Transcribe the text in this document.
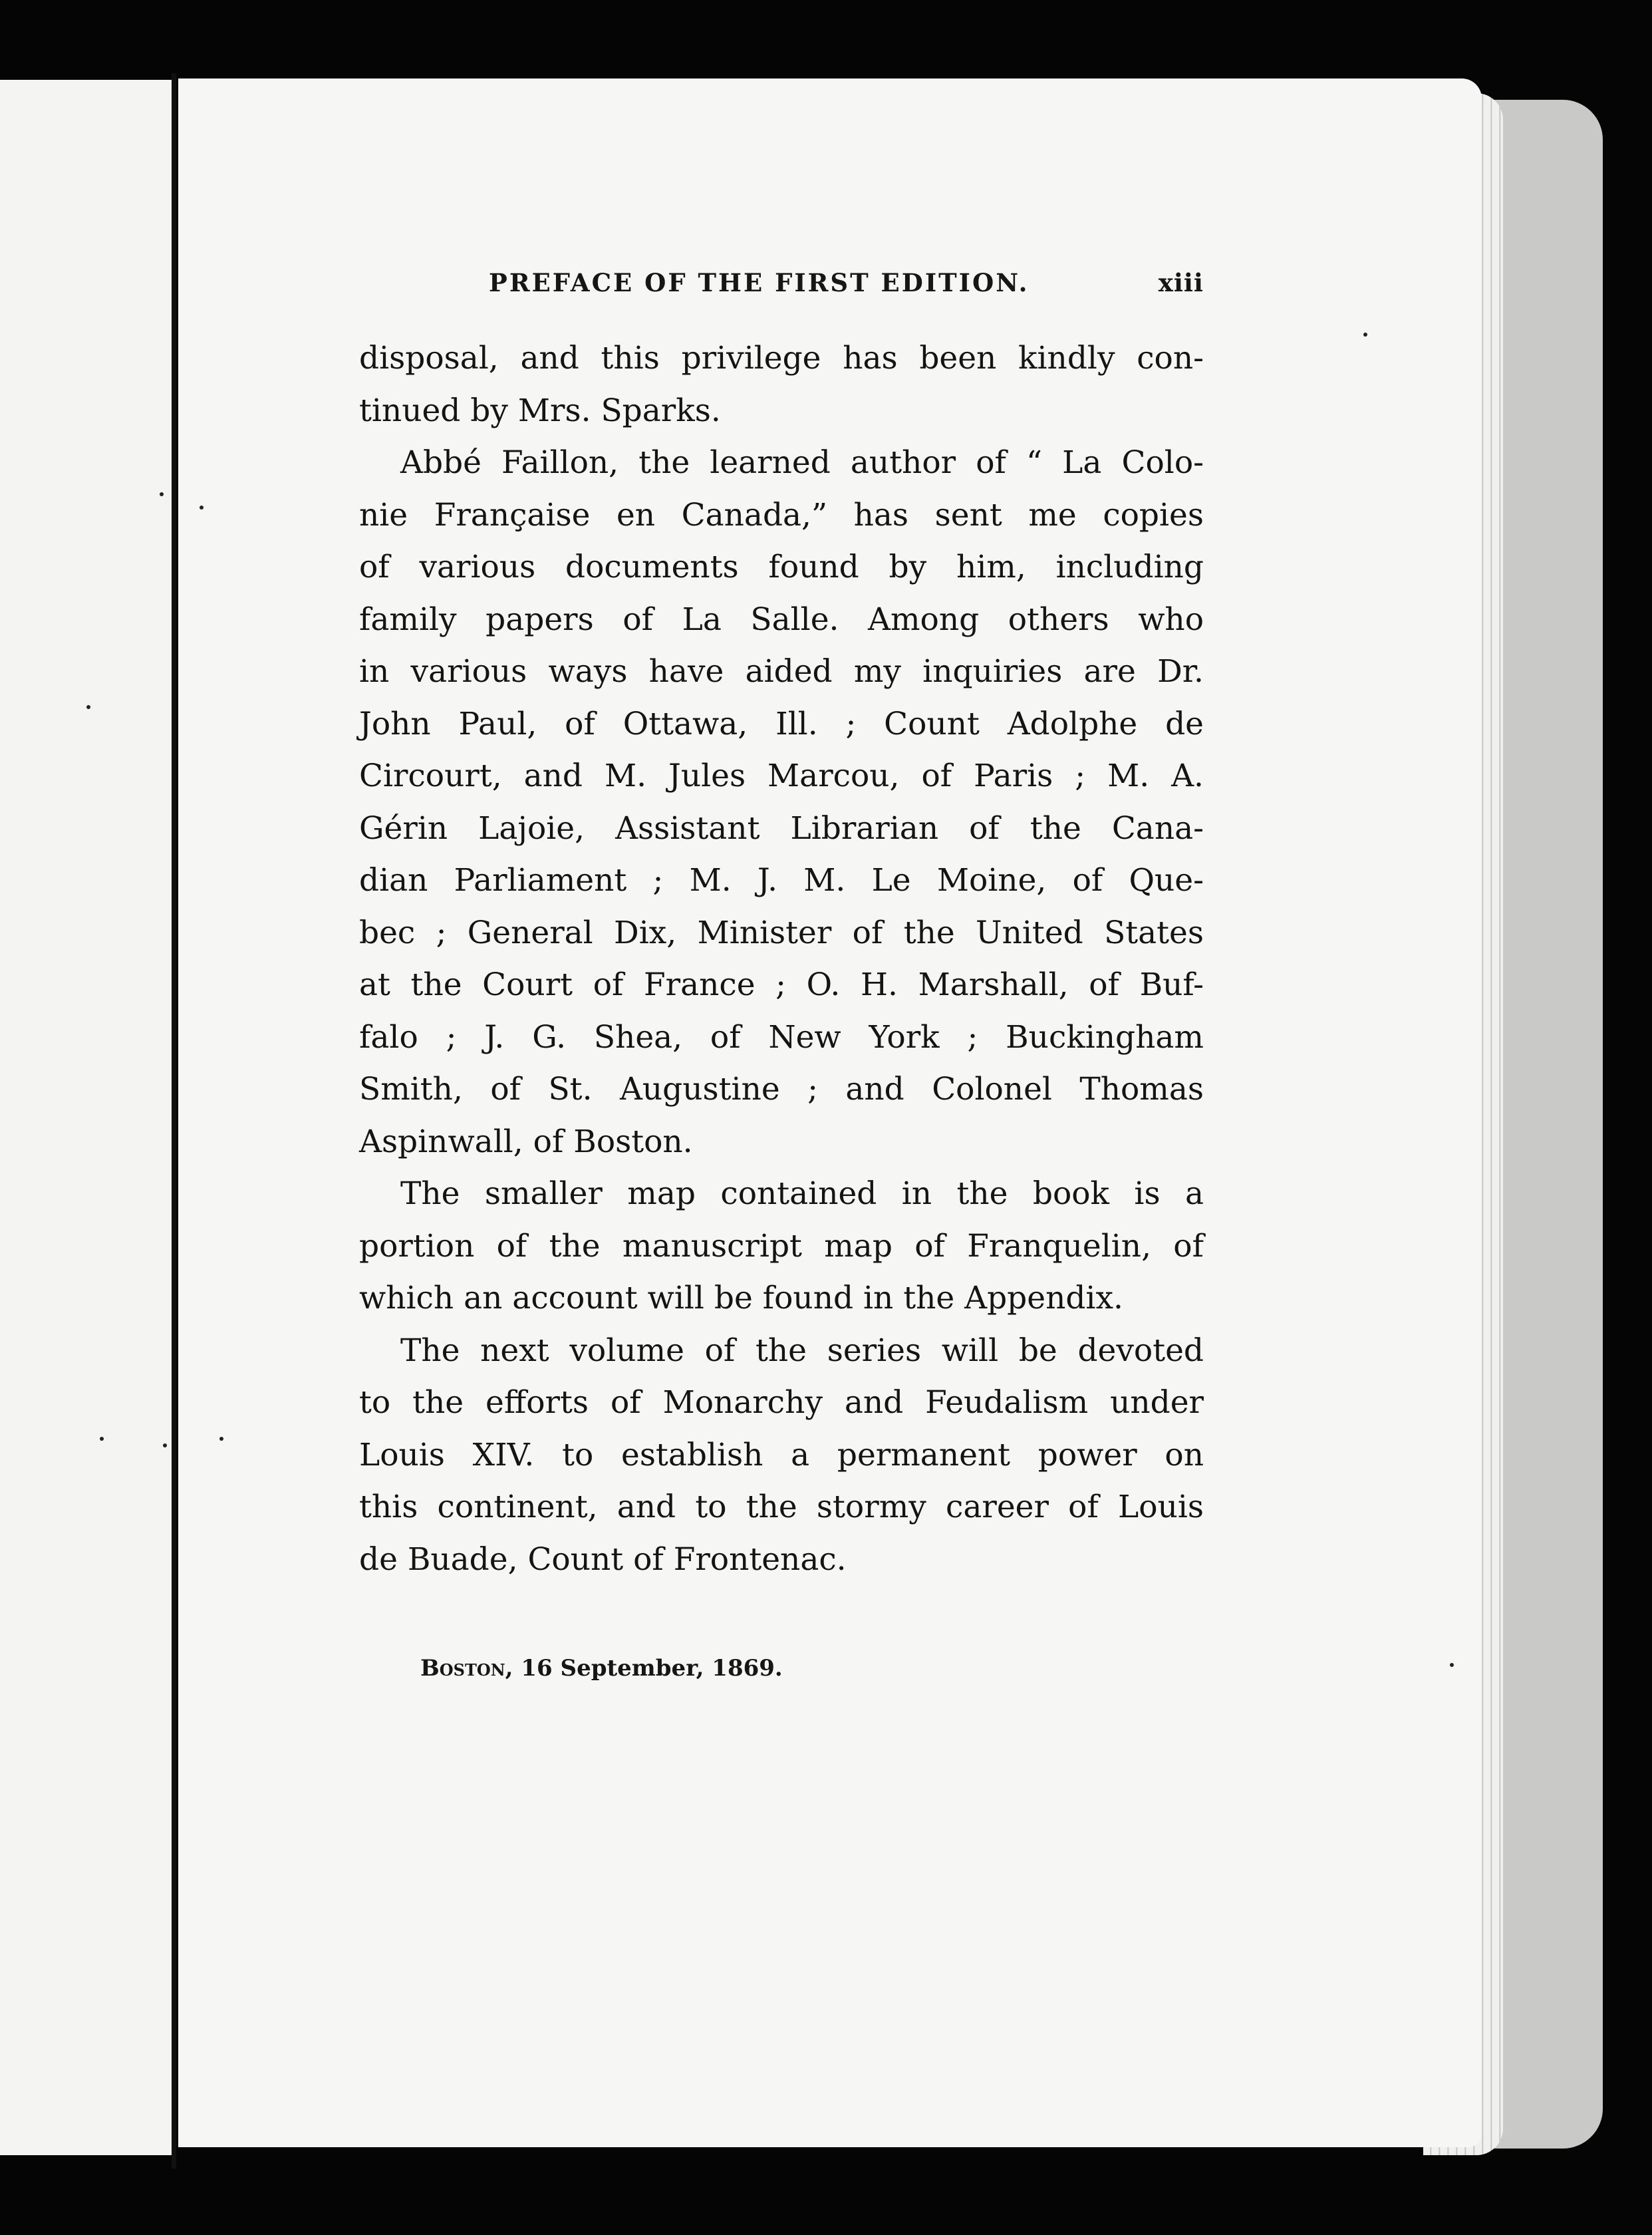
PREFACE OF THE FIRST EDITION.	xiii
disposal, and this privilege has been kindly con-
tinued by Mrs. Sparks.
Abbé Faillon, the learned author of “ La Colo-
nie Française en Canada,” has sent me copies
of various documents found by him, including
family papers of La Salle. Among others who
in various ways have aided my inquiries are Dr.
John Paul, of Ottawa, Ill. ; Count Adolphe de
Circourt, and M. Jules Marcou, of Paris ; M. A.
Gérin Lajoie, Assistant Librarian of the Cana-
dian Parliament ; M. J. M. Le Moine, of Que-
bec ; General Dix, Minister of the United States
at the Court of France ; O. H. Marshall, of Buf-
falo ; J. G. Shea, of New York ; Buckingham
Smith, of St. Augustine ; and Colonel Thomas
Aspinwall, of Boston.
The smaller map contained in the book is a
portion of the manuscript map of Franquelin, of
which an account will be found in the Appendix.
The next volume of the series will be devoted
to the efforts of Monarchy and Feudalism under
Louis XIV. to establish a permanent power on
this continent, and to the stormy career of Louis
de Buade, Count of Frontenac.
Boston, 16 September, 1869.
